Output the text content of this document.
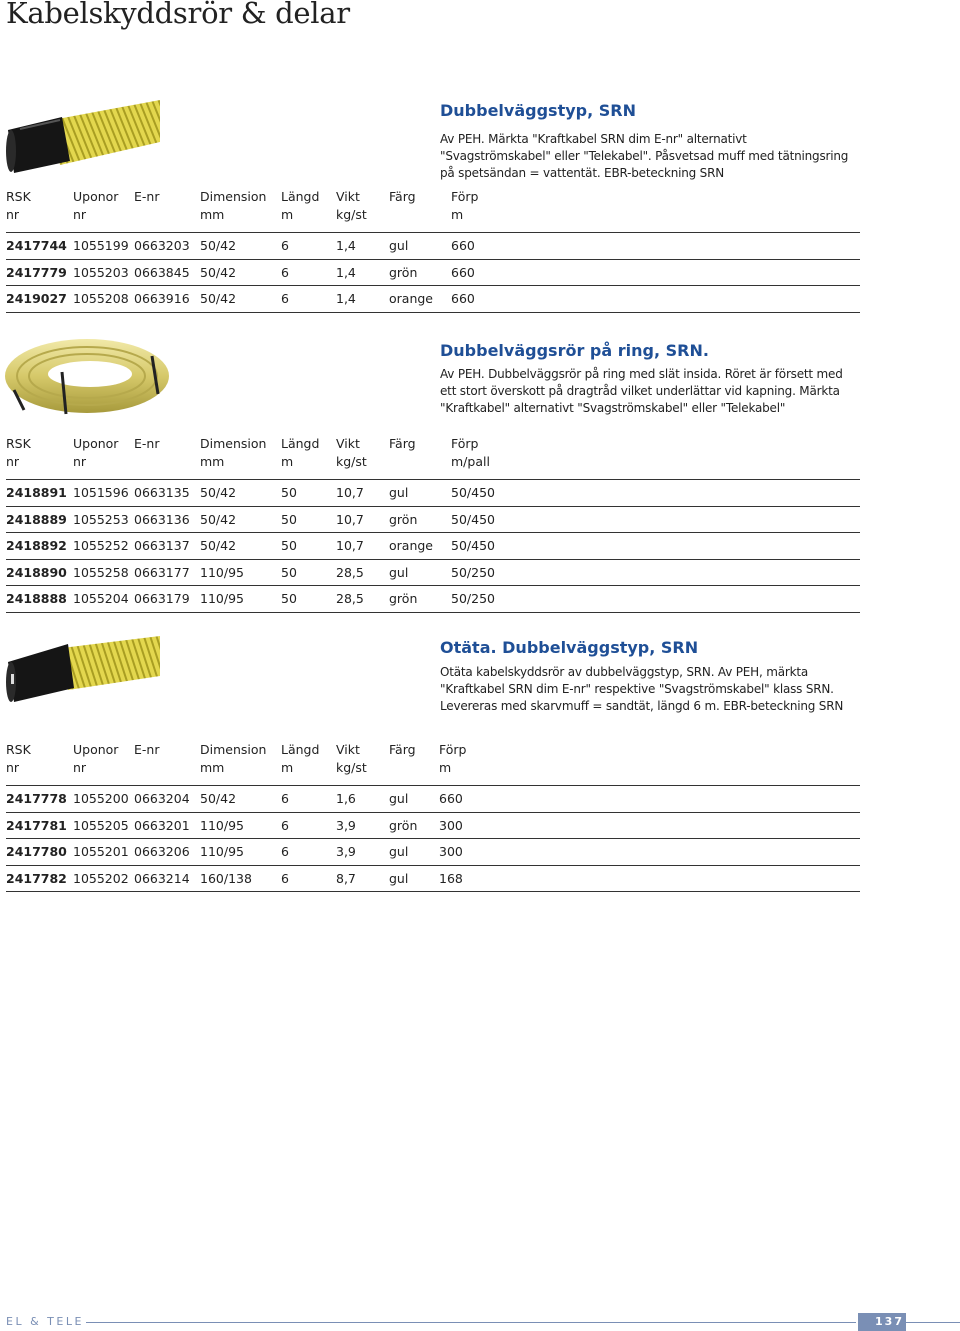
Kabelskyddsrör & delar
Dubbelväggstyp, SRN

Av PEH. Märkta "Kraftkabel SRN dim E-nr" alternativt "Svagströmskabel" eller "Telekabel". Påsvetsad muff med tätningsring på spetsändan = vattentät. EBR-beteckning SRN

RSK	Uponor	E-nr	Dimension	Längd	Vikt	Färg	Förp
nr	nr		mm	m	kg/st		m
2417744	1055199	0663203	50/42	6	1,4	gul	660
2417779	1055203	0663845	50/42	6	1,4	grön	660
2419027	1055208	0663916	50/42	6	1,4	orange	660
Dubbelväggsrör på ring, SRN.

Av PEH. Dubbelväggsrör på ring med slät insida. Röret är försett med ett stort överskott på dragtråd vilket underlättar vid kapning. Märkta "Kraftkabel" alternativt "Svagströmskabel" eller "Telekabel"

RSK	Uponor	E-nr	Dimension	Längd	Vikt	Färg	Förp
nr	nr		mm	m	kg/st		m/pall
2418891	1051596	0663135	50/42	50	10,7	gul	50/450
2418889	1055253	0663136	50/42	50	10,7	grön	50/450
2418892	1055252	0663137	50/42	50	10,7	orange	50/450
2418890	1055258	0663177	110/95	50	28,5	gul	50/250
2418888	1055204	0663179	110/95	50	28,5	grön	50/250
Otäta. Dubbelväggstyp, SRN

Otäta kabelskyddsrör av dubbelväggstyp, SRN. Av PEH, märkta "Kraftkabel SRN dim E-nr" respektive "Svagströmskabel" klass SRN. Levereras med skarvmuff = sandtät, längd 6 m. EBR-beteckning SRN

RSK	Uponor	E-nr	Dimension	Längd	Vikt	Färg	Förp
nr	nr		mm	m	kg/st		m
2417778	1055200	0663204	50/42	6	1,6	gul	660
2417781	1055205	0663201	110/95	6	3,9	grön	300
2417780	1055201	0663206	110/95	6	3,9	gul	300
2417782	1055202	0663214	160/138	6	8,7	gul	168
EL & TELE	137
